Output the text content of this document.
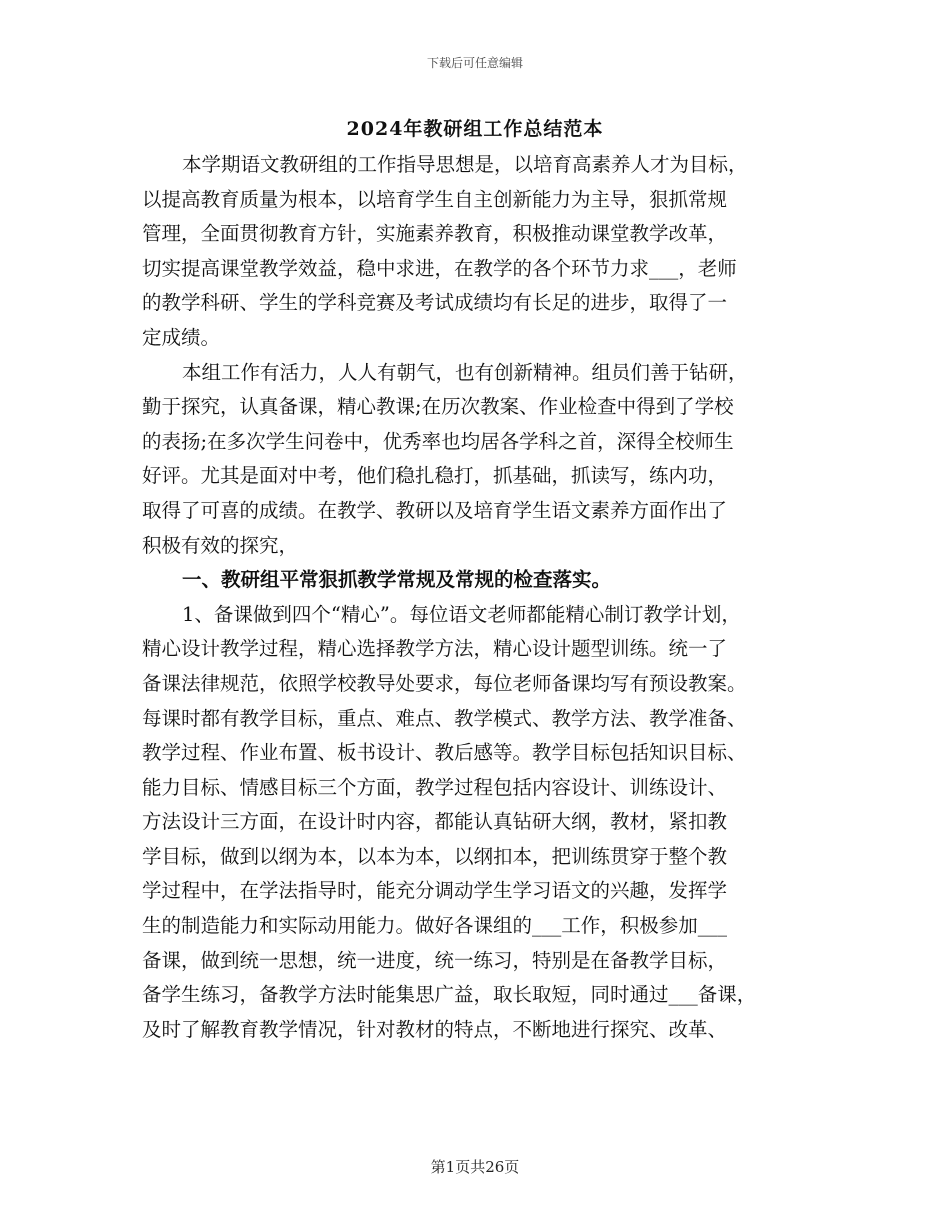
下载后可任意编辑
2024年教研组工作总结范本
本学期语文教研组的工作指导思想是，以培育高素养人才为目标，
以提高教育质量为根本，以培育学生自主创新能力为主导，狠抓常规
管理，全面贯彻教育方针，实施素养教育，积极推动课堂教学改革，
切实提高课堂教学效益，稳中求进，在教学的各个环节力求___，老师
的教学科研、学生的学科竞赛及考试成绩均有长足的进步，取得了一
定成绩。
本组工作有活力，人人有朝气，也有创新精神。组员们善于钻研，
勤于探究，认真备课，精心教课;在历次教案、作业检查中得到了学校
的表扬;在多次学生问卷中，优秀率也均居各学科之首，深得全校师生
好评。尤其是面对中考，他们稳扎稳打，抓基础，抓读写，练内功，
取得了可喜的成绩。在教学、教研以及培育学生语文素养方面作出了
积极有效的探究，
一、教研组平常狠抓教学常规及常规的检查落实。
1、备课做到四个“精心”。每位语文老师都能精心制订教学计划，
精心设计教学过程，精心选择教学方法，精心设计题型训练。统一了
备课法律规范，依照学校教导处要求，每位老师备课均写有预设教案。
每课时都有教学目标，重点、难点、教学模式、教学方法、教学准备、
教学过程、作业布置、板书设计、教后感等。教学目标包括知识目标、
能力目标、情感目标三个方面，教学过程包括内容设计、训练设计、
方法设计三方面，在设计时内容，都能认真钻研大纲，教材，紧扣教
学目标，做到以纲为本，以本为本，以纲扣本，把训练贯穿于整个教
学过程中，在学法指导时，能充分调动学生学习语文的兴趣，发挥学
生的制造能力和实际动用能力。做好各课组的___工作，积极参加___
备课，做到统一思想，统一进度，统一练习，特别是在备教学目标，
备学生练习，备教学方法时能集思广益，取长取短，同时通过___备课，
及时了解教育教学情况，针对教材的特点，不断地进行探究、改革、
第1页共26页
